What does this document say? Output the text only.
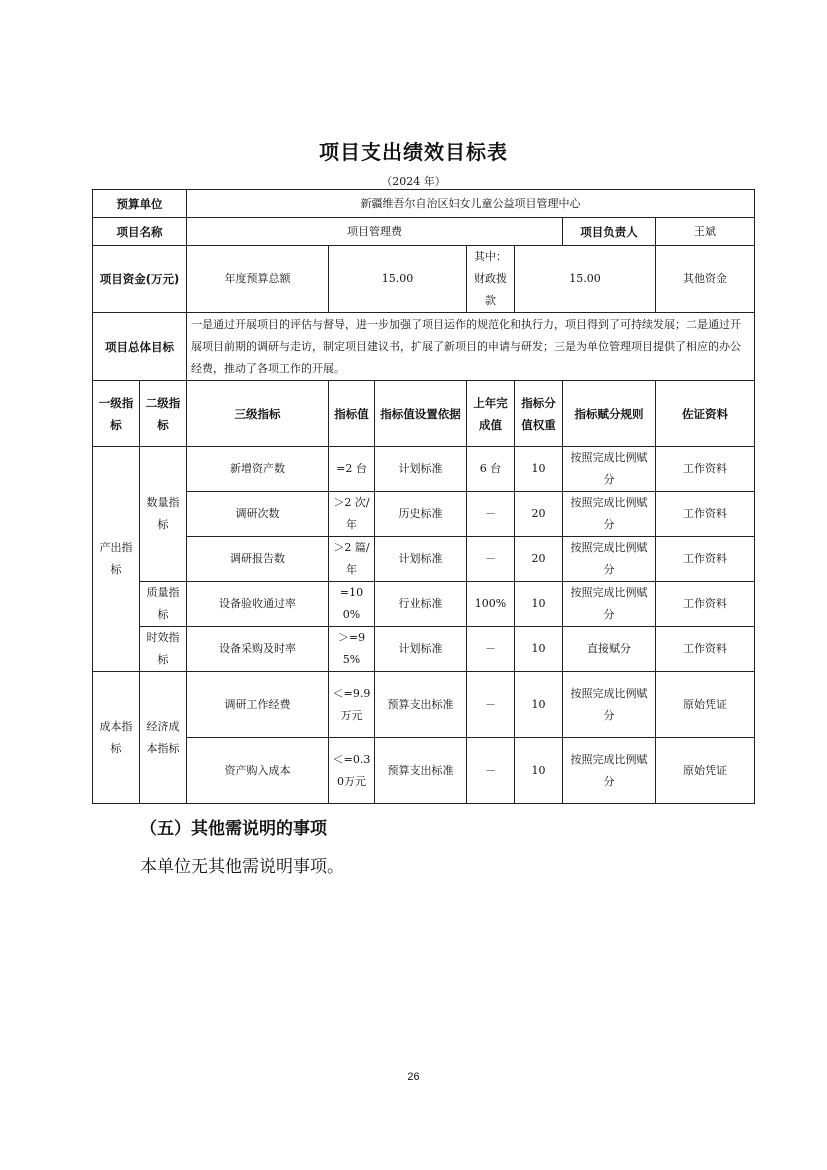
项目支出绩效目标表
（2024 年）
预算单位		新疆维吾尔自治区妇女儿童公益项目管理中心						
项目名称		项目管理费					项目负责人	王斌
项目资金(万元)		年度预算总额	15.00		其中：财政拨款	15.00		其他资金
项目总体目标		一是通过开展项目的评估与督导，进一步加强了项目运作的规范化和执行力，项目得到了可持续发展；二是通过开展项目前期的调研与走访，制定项目建议书，扩展了新项目的申请与研发；三是为单位管理项目提供了相应的办公经费，推动了各项工作的开展。						
一级指标	二级指标	三级指标	指标值	指标值设置依据	上年完成值	指标分值权重	指标赋分规则	佐证资料
产出指标	数量指标	新增资产数	=2 台	计划标准	6 台	10	按照完成比例赋分	工作资料
		调研次数	＞2 次/年	历史标准	－	20	按照完成比例赋分	工作资料
		调研报告数	＞2 篇/年	计划标准	－	20	按照完成比例赋分	工作资料
	质量指标	设备验收通过率	=100%	行业标准	100%	10	按照完成比例赋分	工作资料
	时效指标	设备采购及时率	＞=95%	计划标准	－	10	直接赋分	工作资料
成本指标	经济成本指标	调研工作经费	＜=9.9万元	预算支出标准	－	10	按照完成比例赋分	原始凭证
		资产购入成本	＜=0.30万元	预算支出标准	－	10	按照完成比例赋分	原始凭证
（五）其他需说明的事项
本单位无其他需说明事项。
26
